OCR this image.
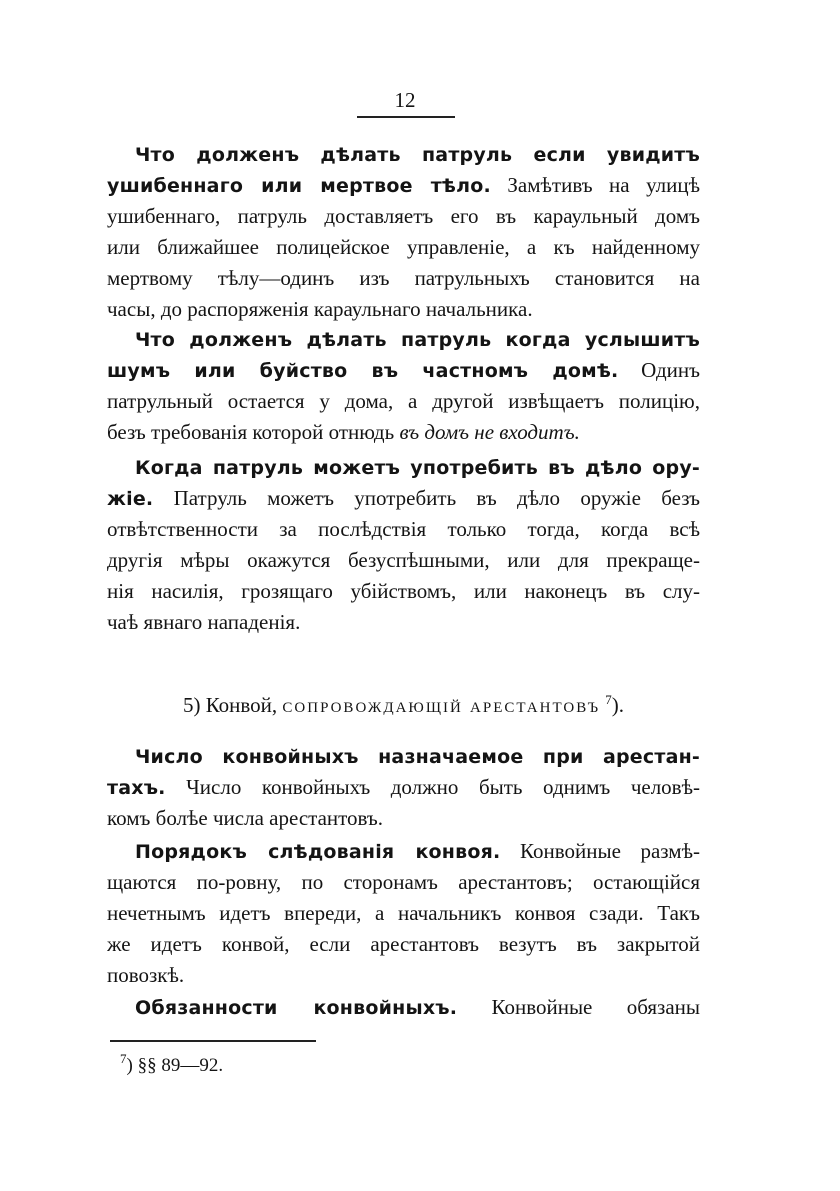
12
Что долженъ дѣлать патруль если увидитъ
ушибеннаго или мертвое тѣло. Замѣтивъ на улицѣ
ушибеннаго, патруль доставляетъ его въ караульный домъ
или ближайшее полицейское управленіе, а къ найденному
мертвому тѣлу—одинъ изъ патрульныхъ становится на
часы, до распоряженія караульнаго начальника.
Что долженъ дѣлать патруль когда услышитъ
шумъ или буйство въ частномъ домѣ. Одинъ
патрульный остается у дома, а другой извѣщаетъ полицію,
безъ требованія которой отнюдь въ домъ не входитъ.
Когда патруль можетъ употребить въ дѣло ору-
жіе. Патруль можетъ употребить въ дѣло оружіе безъ
отвѣтственности за послѣдствія только тогда, когда всѣ
другія мѣры окажутся безуспѣшными, или для прекраще-
нія насилія, грозящаго убійствомъ, или наконецъ въ слу-
чаѣ явнаго нападенія.
Число конвойныхъ назначаемое при арестан-
тахъ. Число конвойныхъ должно быть однимъ человѣ-
комъ болѣе числа арестантовъ.
Порядокъ слѣдованія конвоя. Конвойные размѣ-
щаются по-ровну, по сторонамъ арестантовъ; остающійся
нечетнымъ идетъ впереди, а начальникъ конвоя сзади. Такъ
же идетъ конвой, если арестантовъ везутъ въ закрытой
повозкѣ.
Обязанности конвойныхъ. Конвойные обязаны
5) Конвой, сопровождающій арестантовъ $^7$).
$^7$) §§ 89—92.
